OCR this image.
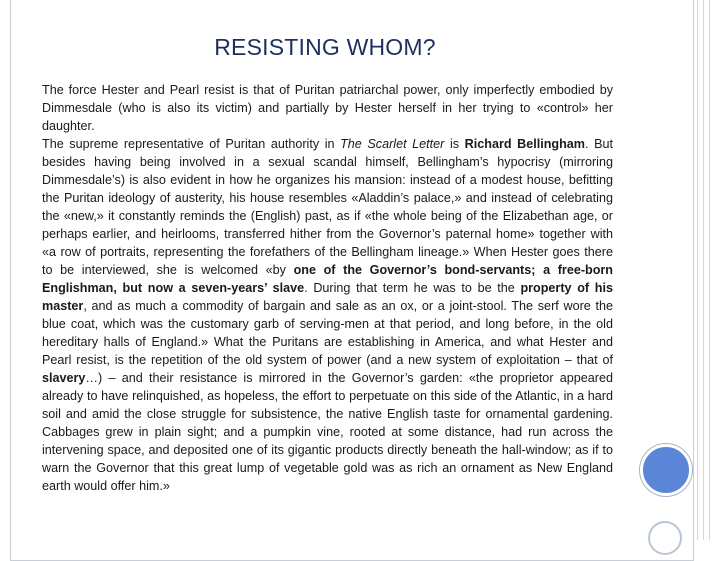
RESISTING WHOM?
The force Hester and Pearl resist is that of Puritan patriarchal power, only imperfectly embodied by Dimmesdale (who is also its victim) and partially by Hester herself in her trying to «control» her daughter.
The supreme representative of Puritan authority in The Scarlet Letter is Richard Bellingham. But besides having being involved in a sexual scandal himself, Bellingham’s hypocrisy (mirroring Dimmesdale’s) is also evident in how he organizes his mansion: instead of a modest house, befitting the Puritan ideology of austerity, his house resembles «Aladdin’s palace,» and instead of celebrating the «new,» it constantly reminds the (English) past, as if «the whole being of the Elizabethan age, or perhaps earlier, and heirlooms, transferred hither from the Governor’s paternal home» together with «a row of portraits, representing the forefathers of the Bellingham lineage.» When Hester goes there to be interviewed, she is welcomed «by one of the Governor’s bond-servants; a free-born Englishman, but now a seven-years’ slave. During that term he was to be the property of his master, and as much a commodity of bargain and sale as an ox, or a joint-stool. The serf wore the blue coat, which was the customary garb of serving-men at that period, and long before, in the old hereditary halls of England.» What the Puritans are establishing in America, and what Hester and Pearl resist, is the repetition of the old system of power (and a new system of exploitation – that of slavery…) – and their resistance is mirrored in the Governor’s garden: «the proprietor appeared already to have relinquished, as hopeless, the effort to perpetuate on this side of the Atlantic, in a hard soil and amid the close struggle for subsistence, the native English taste for ornamental gardening. Cabbages grew in plain sight; and a pumpkin vine, rooted at some distance, had run across the intervening space, and deposited one of its gigantic products directly beneath the hall-window; as if to warn the Governor that this great lump of vegetable gold was as rich an ornament as New England earth would offer him.»
